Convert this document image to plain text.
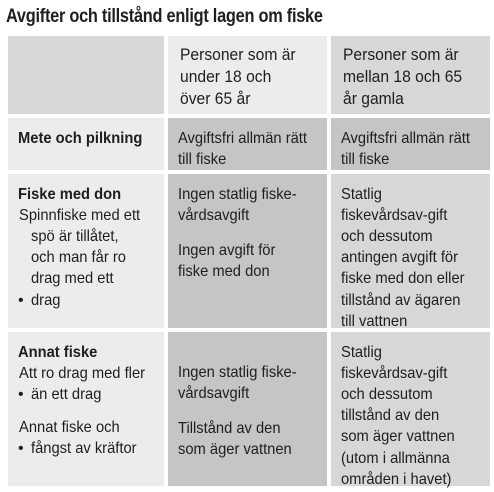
Avgifter och tillstånd enligt lagen om fiske
Personer som är under 18 och över 65 år
Personer som är mellan 18 och 65 år gamla
Mete och pilkning	Avgiftsfri allmän rätt till fiske
Avgiftsfri allmän rätt till fiske
Fiske med don
•Spinnfiske med ett spö är tillåtet, och man får ro drag med ett drag
Ingen statlig fiske-vårdsavgift Ingen avgift för fiske med don
Statlig fiskevårdsav-gift och dessutom antingen avgift för fiske med don eller tillstånd av ägaren till vattnen
Annat fiske
•Att ro drag med fler än ett drag
•Annat fiske och fångst av kräftor
Ingen statlig fiske-vårdsavgift Tillstånd av den som äger vattnen
Statlig fiskevårdsav-gift och dessutom tillstånd av den som äger vattnen (utom i allmänna områden i havet)
